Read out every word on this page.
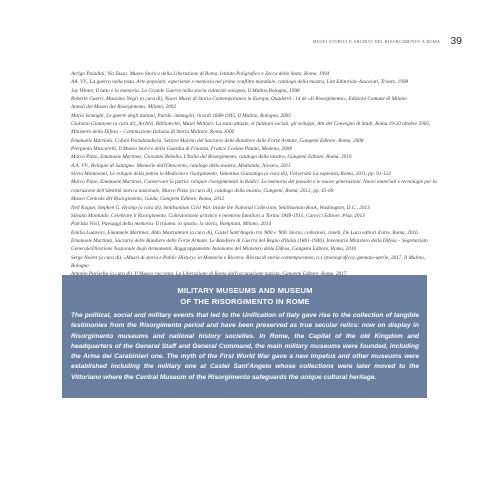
MUSEI STORICI E ARCHIVI DEL RISORGIMENTO A ROMA 39

Arrigo Paladini, Via Tasso. Museo Storico della Liberazione di Roma, Istituto Poligrafico e Zecca dello Stato, Roma, 1994

AA. VV., La guerra nella testa. Arte popolare, esperienze e memoria nel primo conflitto mondiale, catalogo della mostra, Lint Editoriale Associati, Trieste, 1998

Jay Winter, Il lutto e la memoria. La Grande Guerra nella storia culturale europea, Il Mulino,Bologna, 1998

Roberto Guerri, Massimo Negri (a cura di), Nuovi Musei di Storia Contemporanea in Europa, Quaderni / 14 de «Il Risorgimento», Edizioni Comune di Milano

Annali del Museo del Risorgimento, Milano, 2002

Mario Isnenghi, Le guerre degli italiani, Parole, immagini, ricordi 1848-1945, Il Mulino, Bologna, 2005

Giuliano Giannone (a cura di), Archivi, Biblioteche, Musei Militari. La stato attuale, le funzioni sociali, gli sviluppi, Atti del Convegno di Studi, Roma 19-20 ottobre 2005, Ministero della Difesa – Commissione Italiana di Storia Militare, Roma 2006

Emanuele Martinez, Cofani Portabandiera, Settore Marino del Sacrario delle Bandiere delle Forze Armate, Gangemi Editore, Roma, 2008

Pierpaolo Muscarelli, Il Museo Storico della Guardia di Finanza, Franco Cosimo Panini, Modena, 2008

Marco Pizzo, Emanuele Martinez, Giovanni Rebella, L'Italia del Risorgimento, catalogo della mostra, Gangemi Editore, Roma, 2010

A.A. VV., Reliquie di Santigna. Memorie dall'Ottocento, catalogo della mostra, Mediando, Novara, 2011

Silvia Mantovani, Le reliquie della patria in Medicina e risorgimento, Valentina Gazzaniga (a cura di), Università La sapienza, Roma, 2011, pp. 91-122

Marco Pizzo, Emanuele Martinez, Conservare la patria: reliquie risorgimentali in Radici. La memoria del passato e le nuove generazioni. Nuovi materiali e tecnologie per la costruzione dell'identità storica nazionale, Marco Pizzo (a cura di), catalogo della mostra, Gangemi, Roma, 2012, pp. 45-69

Museo Centrale del Risorgimento, Guida, Gangemi Editore, Roma, 2012

Neil Kagan, Stephen G. Hyslop (a cura di), Smithsonian Civil War. Inside the National Collection, Smithsonian Book, Washington, D.C., 2013

Silvano Montaldo, Celebrare il Risorgimento. Collezionismo artistico e memorie familiari a Torino 1848-1915, Carocci Editore, Pisa, 2013

Patrizia Violi, Paesaggi della memoria. Il trauma, lo spazio, la storia, Bompiani, Milano, 2014

Emilia Ludovici, Emanuele Martinez, Aldo Mastrantoni (a cura di), Castel Sant'Angelo tra '800 e '900. Storia, collezioni, cimeli, De Luca editori d'arte, Roma, 2016

Emanuele Martinez, Sacrario delle Bandiere delle Forze Armate. Le Bandiere di Guerra del Regno d'Italia (1861-1946). Inventario Ministero della Difesa – Segretariato Generale/Direzione Nazionale degli Armamenti, Raggruppamento Autonomo del Ministero della Difesa, Gangemi Editore, Roma, 2016

Serge Noiret (a cura di), «Musei di storia e Public History» in Memoria e Ricerca. Rivista di storia contemporanea, n.1 (monografico), gennaio-aprile, 2017, Il Mulino, Bologna

MILITARY MUSEUMS AND MUSEUM
OF THE RISORGIMENTO IN ROME

The political, social and military events that led to the Unification of Italy gave rise to the collection of tangible testimonies from the Risorgimento period and have been preserved as true secular relics: now on display in Risorgimento museums and national history societies. In Rome, the Capital of the old Kingdom and headquarters of the General Staff and General Command, the main military museums were founded, including the Arma dei Carabinieri one. The myth of the First World War gave a new impetus and other museums were established including the military one at Castel Sant'Angelo whose collections were later moved to the Vittoriano where the Central Museum of the Risorgimento safeguards the unique cultural heritage.
